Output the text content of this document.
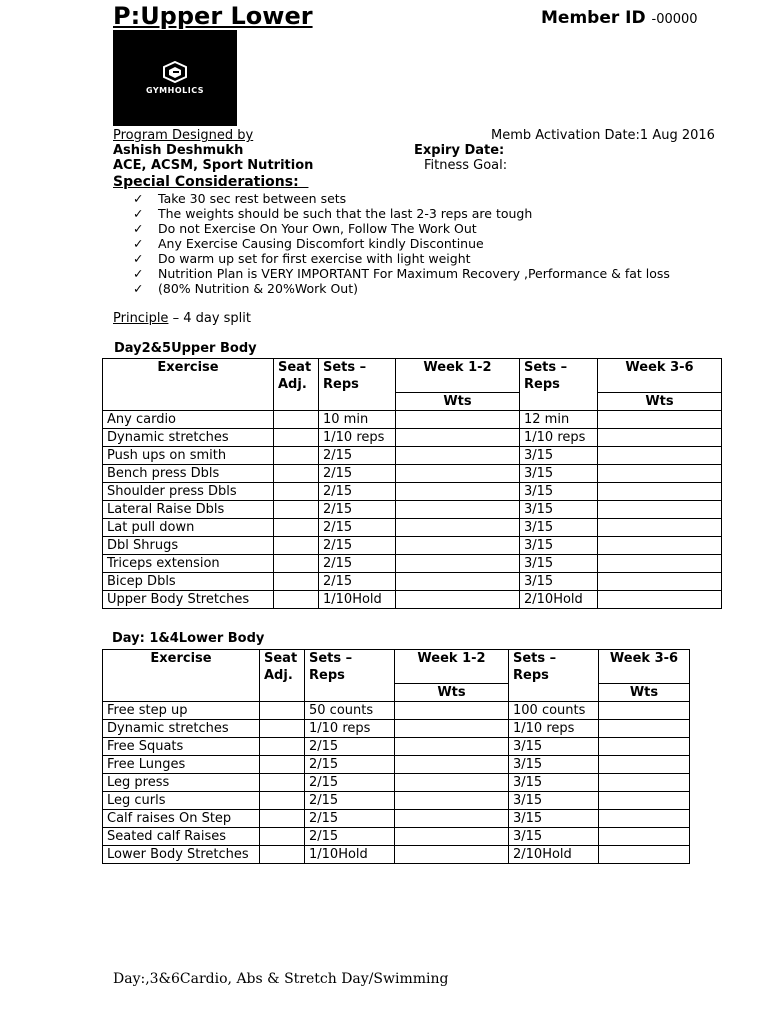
P:Upper Lower	Member ID -00000
GYMHOLICS
Program Designed by
Ashish Deshmukh
ACE, ACSM, Sport Nutrition
Memb Activation Date:1 Aug 2016
Expiry Date:
Fitness Goal:
Special Considerations:
✓ Take 30 sec rest between sets
✓ The weights should be such that the last 2-3 reps are tough
✓ Do not Exercise On Your Own, Follow The Work Out
✓ Any Exercise Causing Discomfort kindly Discontinue
✓ Do warm up set for first exercise with light weight
✓ Nutrition Plan is VERY IMPORTANT For Maximum Recovery ,Performance & fat loss
✓ (80% Nutrition & 20%Work Out)
Principle – 4 day split
Day2&5Upper Body
Exercise	Seat Adj.	Sets – Reps	Week 1-2	Sets – Reps	Week 3-6
			Wts		Wts
Any cardio		10 min		12 min	
Dynamic stretches		1/10 reps		1/10 reps	
Push ups on smith		2/15		3/15	
Bench press Dbls		2/15		3/15	
Shoulder press Dbls		2/15		3/15	
Lateral Raise Dbls		2/15		3/15	
Lat pull down		2/15		3/15	
Dbl Shrugs		2/15		3/15	
Triceps extension		2/15		3/15	
Bicep Dbls		2/15		3/15	
Upper Body Stretches		1/10Hold		2/10Hold	
Day: 1&4Lower Body
Exercise	Seat Adj.	Sets – Reps	Week 1-2	Sets – Reps	Week 3-6
			Wts		Wts
Free step up		50 counts		100 counts	
Dynamic stretches		1/10 reps		1/10 reps	
Free Squats		2/15		3/15	
Free Lunges		2/15		3/15	
Leg press		2/15		3/15	
Leg curls		2/15		3/15	
Calf raises On Step		2/15		3/15	
Seated calf Raises		2/15		3/15	
Lower Body Stretches		1/10Hold		2/10Hold	
Day:,3&6Cardio, Abs & Stretch Day/Swimming
